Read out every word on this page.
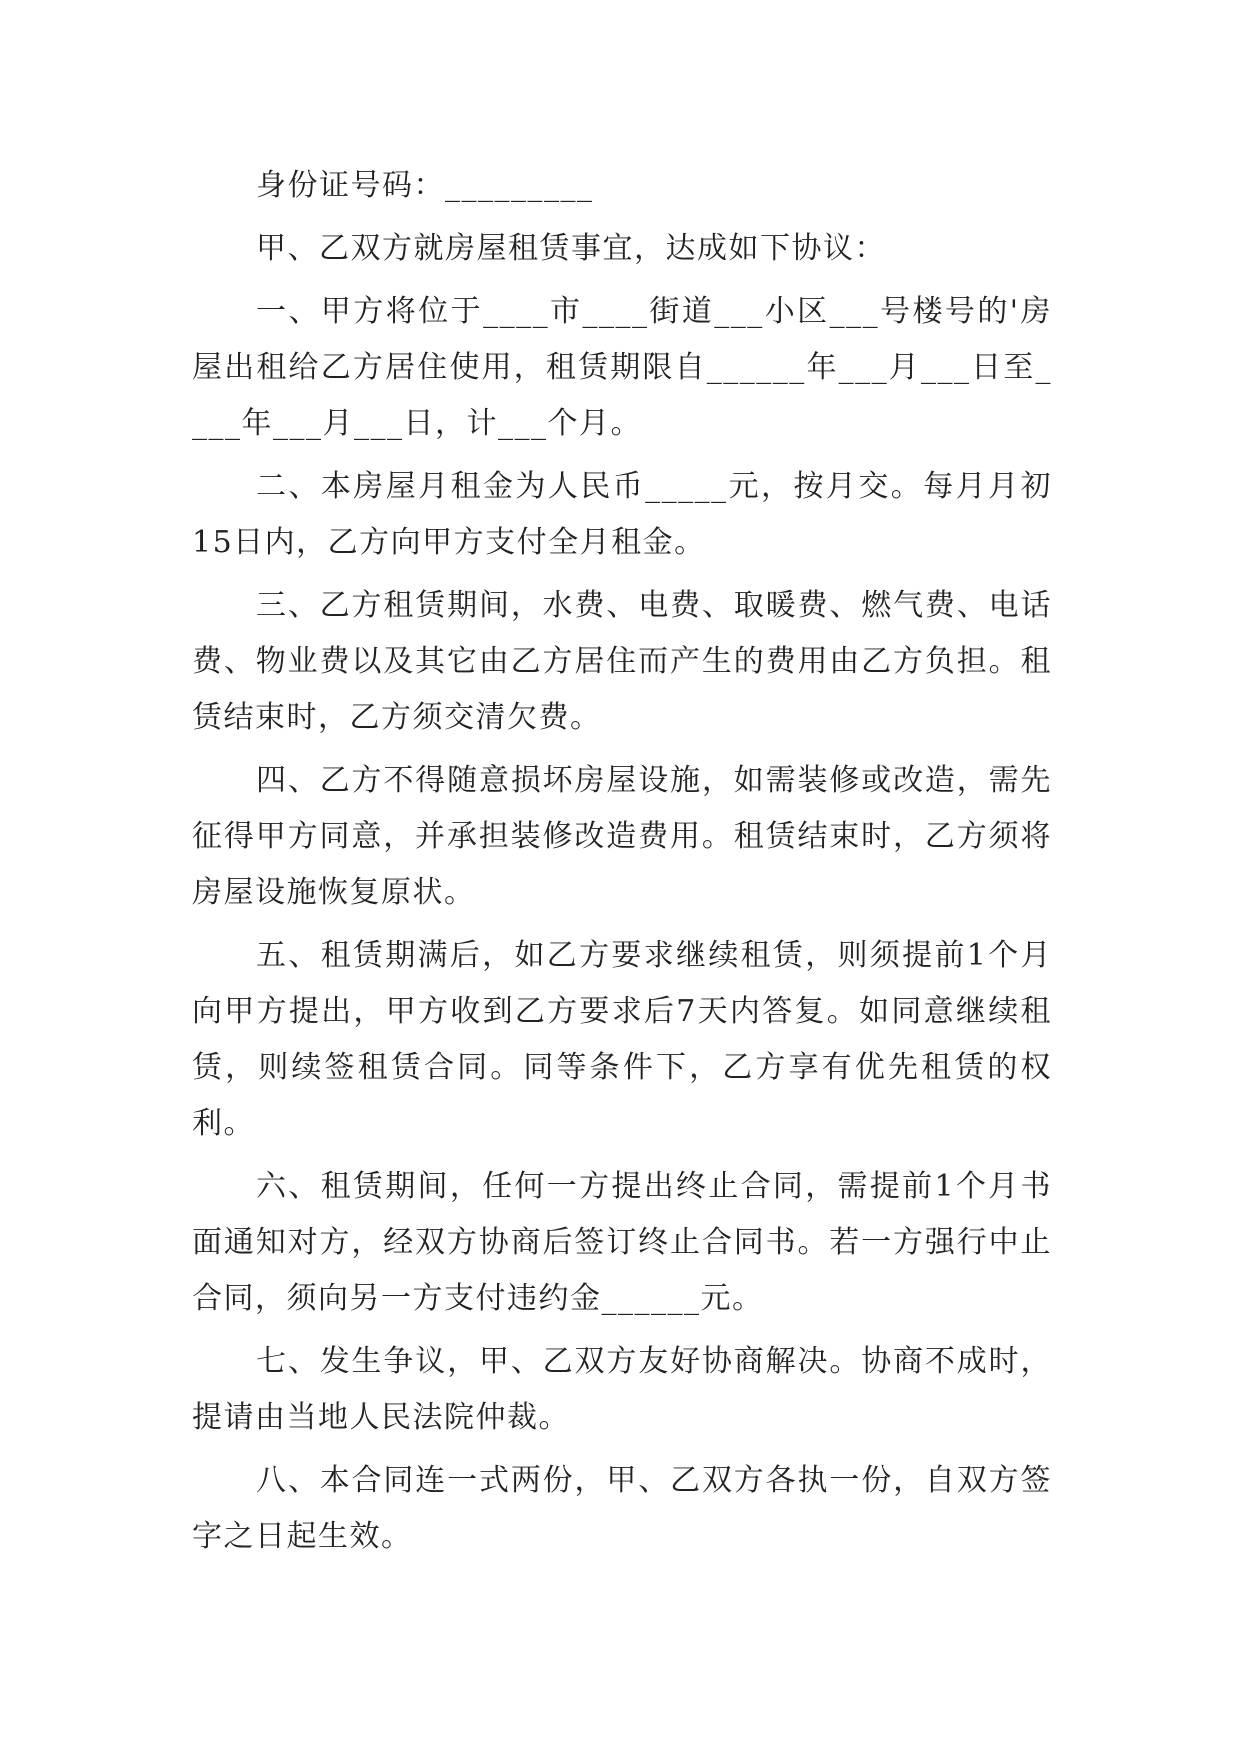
身份证号码：_________

甲、乙双方就房屋租赁事宜，达成如下协议：

一、甲方将位于____市____街道___小区___号楼号的'房屋出租给乙方居住使用，租赁期限自______年___月___日至____年___月___日，计___个月。

二、本房屋月租金为人民币_____元，按月交。每月月初15日内，乙方向甲方支付全月租金。

三、乙方租赁期间，水费、电费、取暖费、燃气费、电话费、物业费以及其它由乙方居住而产生的费用由乙方负担。租赁结束时，乙方须交清欠费。

四、乙方不得随意损坏房屋设施，如需装修或改造，需先征得甲方同意，并承担装修改造费用。租赁结束时，乙方须将房屋设施恢复原状。

五、租赁期满后，如乙方要求继续租赁，则须提前1个月向甲方提出，甲方收到乙方要求后7天内答复。如同意继续租赁，则续签租赁合同。同等条件下，乙方享有优先租赁的权利。

六、租赁期间，任何一方提出终止合同，需提前1个月书面通知对方，经双方协商后签订终止合同书。若一方强行中止合同，须向另一方支付违约金______元。

七、发生争议，甲、乙双方友好协商解决。协商不成时，提请由当地人民法院仲裁。

八、本合同连一式两份，甲、乙双方各执一份，自双方签字之日起生效。
